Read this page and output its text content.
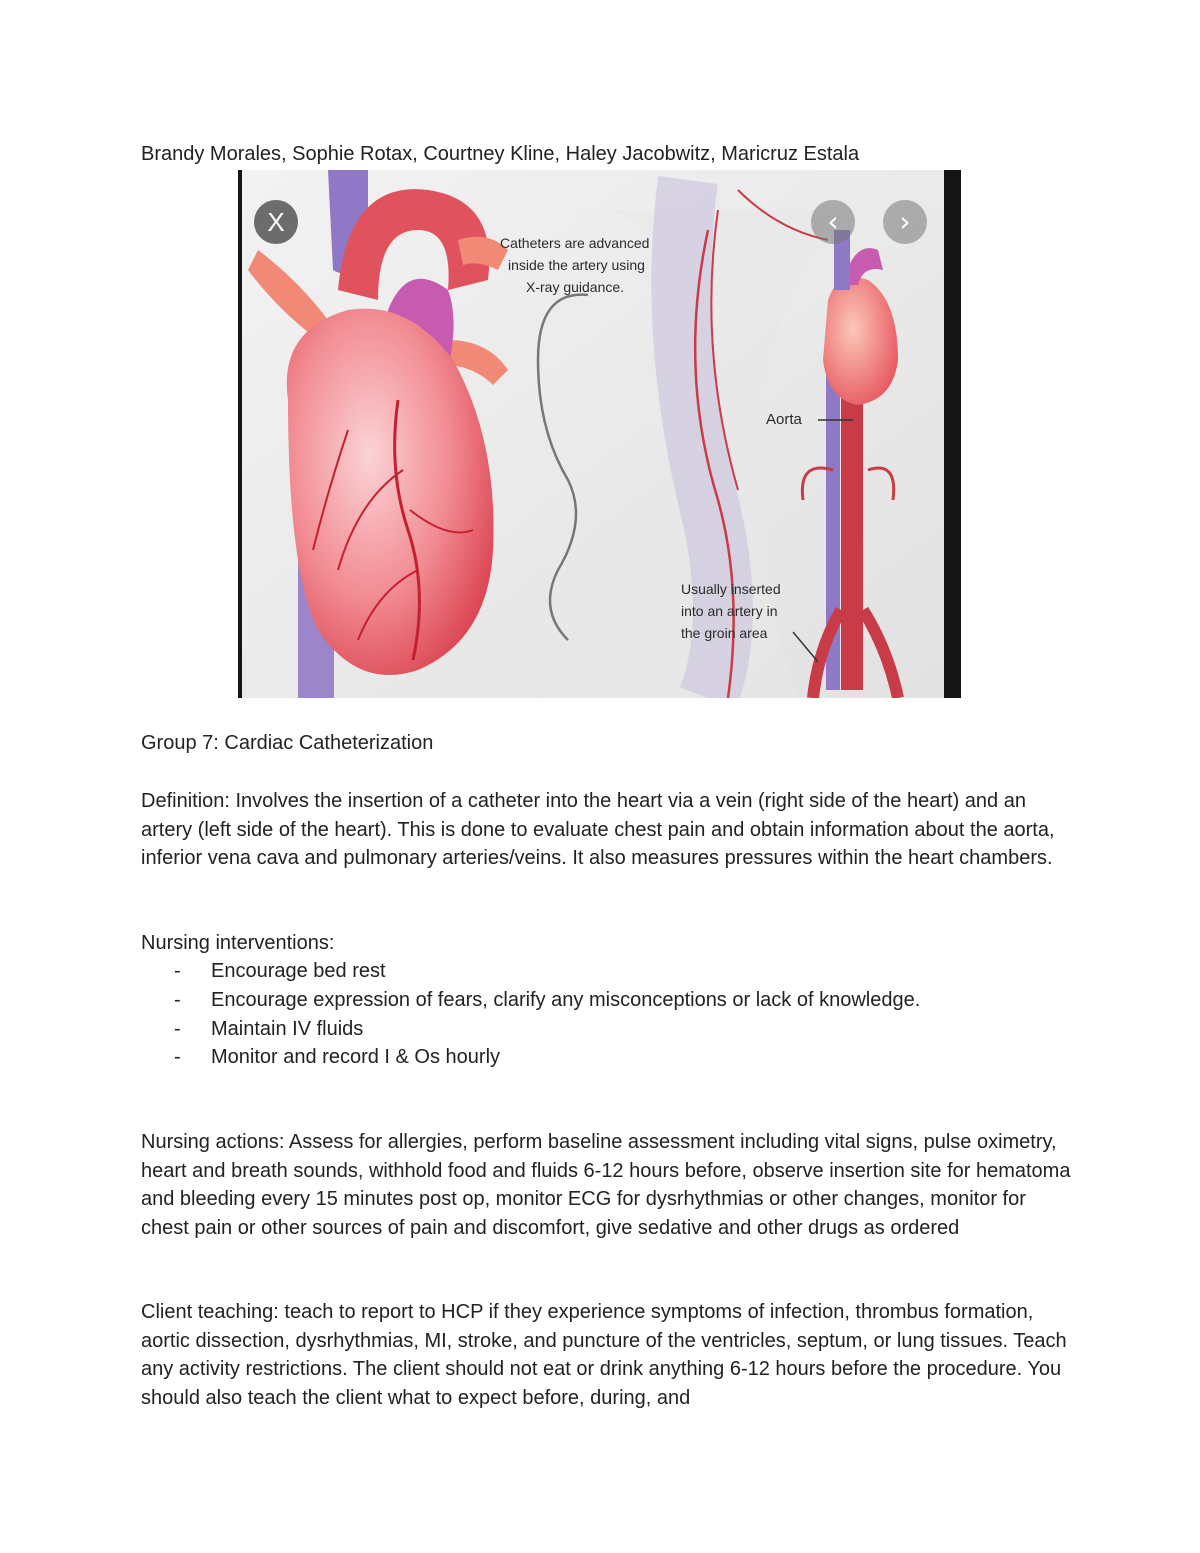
Brandy Morales, Sophie Rotax, Courtney Kline, Haley Jacobwitz, Maricruz Estala

Catheters are advanced
inside the artery using
X-ray guidance.
Aorta
Usually inserted
into an artery in
the groin area
X	‹ ›

Group 7: Cardiac Catheterization

Definition: Involves the insertion of a catheter into the heart via a vein (right side of the heart) and an artery (left side of the heart). This is done to evaluate chest pain and obtain information about the aorta, inferior vena cava and pulmonary arteries/veins. It also measures pressures within the heart chambers.

Nursing interventions:

- Encourage bed rest
- Encourage expression of fears, clarify any misconceptions or lack of knowledge.
- Maintain IV fluids
- Monitor and record I & Os hourly

Nursing actions: Assess for allergies, perform baseline assessment including vital signs, pulse oximetry, heart and breath sounds, withhold food and fluids 6-12 hours before, observe insertion site for hematoma and bleeding every 15 minutes post op, monitor ECG for dysrhythmias or other changes, monitor for chest pain or other sources of pain and discomfort, give sedative and other drugs as ordered

Client teaching: teach to report to HCP if they experience symptoms of infection, thrombus formation, aortic dissection, dysrhythmias, MI, stroke, and puncture of the ventricles, septum, or lung tissues. Teach any activity restrictions. The client should not eat or drink anything 6-12 hours before the procedure. You should also teach the client what to expect before, during, and
